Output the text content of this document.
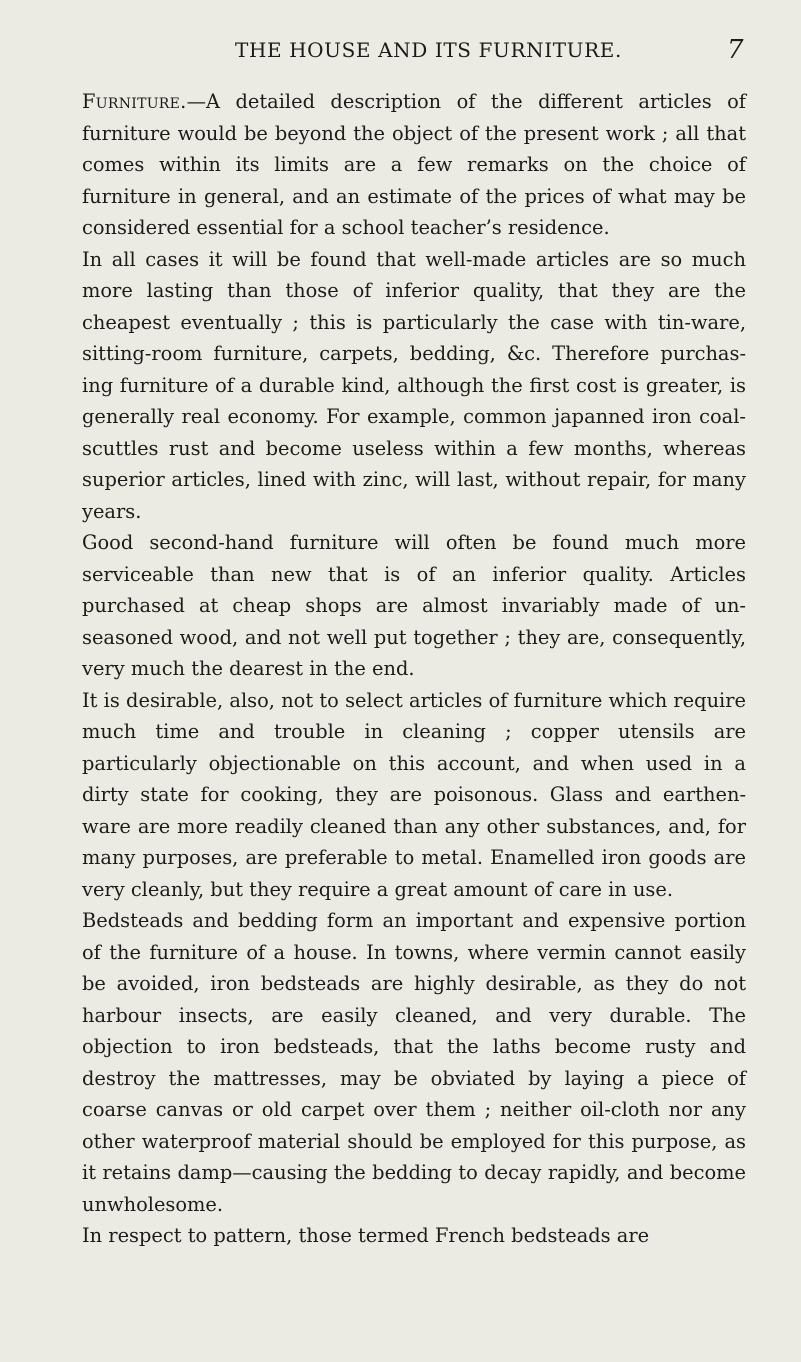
THE HOUSE AND ITS FURNITURE.	7

Furniture.—A detailed description of the different articles of furniture would be beyond the object of the present work ; all that comes within its limits are a few remarks on the choice of furniture in general, and an estimate of the prices of what may be considered essential for a school teacher’s residence.

In all cases it will be found that well-made articles are so much more lasting than those of inferior quality, that they are the cheapest eventually ; this is particularly the case with tin-ware, sitting-room furniture, carpets, bedding, &c. Therefore purchas- ing furniture of a durable kind, although the first cost is greater, is generally real economy. For example, common japanned iron coal-scuttles rust and become useless within a few months, whereas superior articles, lined with zinc, will last, without repair, for many years.

Good second-hand furniture will often be found much more serviceable than new that is of an inferior quality. Articles purchased at cheap shops are almost invariably made of un- seasoned wood, and not well put together ; they are, consequently, very much the dearest in the end.

It is desirable, also, not to select articles of furniture which require much time and trouble in cleaning ; copper utensils are particularly objectionable on this account, and when used in a dirty state for cooking, they are poisonous. Glass and earthen- ware are more readily cleaned than any other substances, and, for many purposes, are preferable to metal. Enamelled iron goods are very cleanly, but they require a great amount of care in use.

Bedsteads and bedding form an important and expensive portion of the furniture of a house. In towns, where vermin cannot easily be avoided, iron bedsteads are highly desirable, as they do not harbour insects, are easily cleaned, and very durable. The objection to iron bedsteads, that the laths become rusty and destroy the mattresses, may be obviated by laying a piece of coarse canvas or old carpet over them ; neither oil-cloth nor any other waterproof material should be employed for this purpose, as it retains damp—causing the bedding to decay rapidly, and become unwholesome.

In respect to pattern, those termed French bedsteads are
